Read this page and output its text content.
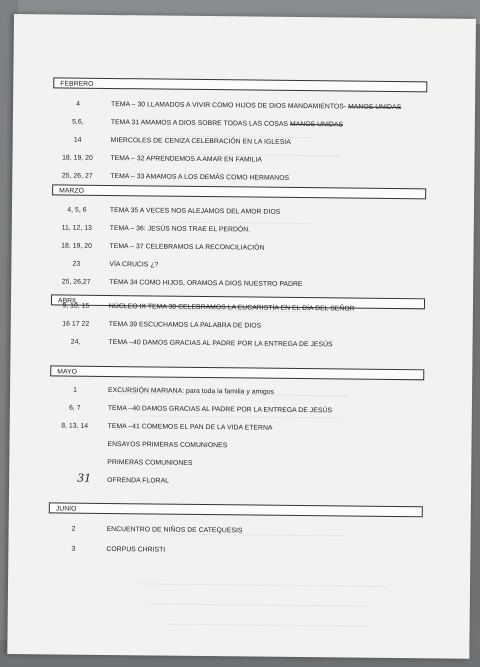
FEBRERO
4	TEMA – 30 LLAMADOS A VIVIR COMO HIJOS DE DIOS MANDAMIENTOS- MANOS UNIDAS
5,6,	TEMA 31 AMAMOS A DIOS SOBRE TODAS LAS COSAS MANOS UNIDAS
14	MIERCOLES DE CENIZA CELEBRACIÓN EN LA IGLESIA
18, 19, 20	TEMA – 32 APRENDEMOS A AMAR EN FAMILIA
25, 26, 27	TEMA – 33 AMAMOS A LOS DEMÁS COMO HERMANOS
MARZO
4, 5, 6	TEMA 35 A VECES NOS ALEJAMOS DEL AMOR DIOS
11, 12, 13	TEMA – 36: JESÚS NOS TRAE EL PERDÓN.
18, 19, 20	TEMA – 37 CELEBRAMOS LA RECONCILIACIÓN
23	VÍA CRUCIS ¿?
25, 26,27	TEMA 34 COMO HIJOS, ORAMOS A DIOS NUESTRO PADRE
ABRIL
9, 10, 15	NÚCLEO IX TEMA 38 CELEBRAMOS LA EUCARISTÍA EN EL DÍA DEL SEÑOR
16 17 22	TEMA 39 ESCUCHAMOS LA PALABRA DE DIOS
24,	TEMA –40 DAMOS GRACIAS AL PADRE POR LA ENTREGA DE JESÚS
MAYO
1	EXCURSIÓN MARIANA: para toda la familia y amigos
6, 7	TEMA –40 DAMOS GRACIAS AL PADRE POR LA ENTREGA DE JESÚS
8, 13, 14	TEMA –41 COMEMOS EL PAN DE LA VIDA ETERNA
ENSAYOS PRIMERAS COMUNIONES
PRIMERAS COMUNIONES
31	OFRENDA FLORAL
JUNIO
2	ENCUENTRO DE NIÑOS DE CATEQUESIS
3	CORPUS CHRISTI
